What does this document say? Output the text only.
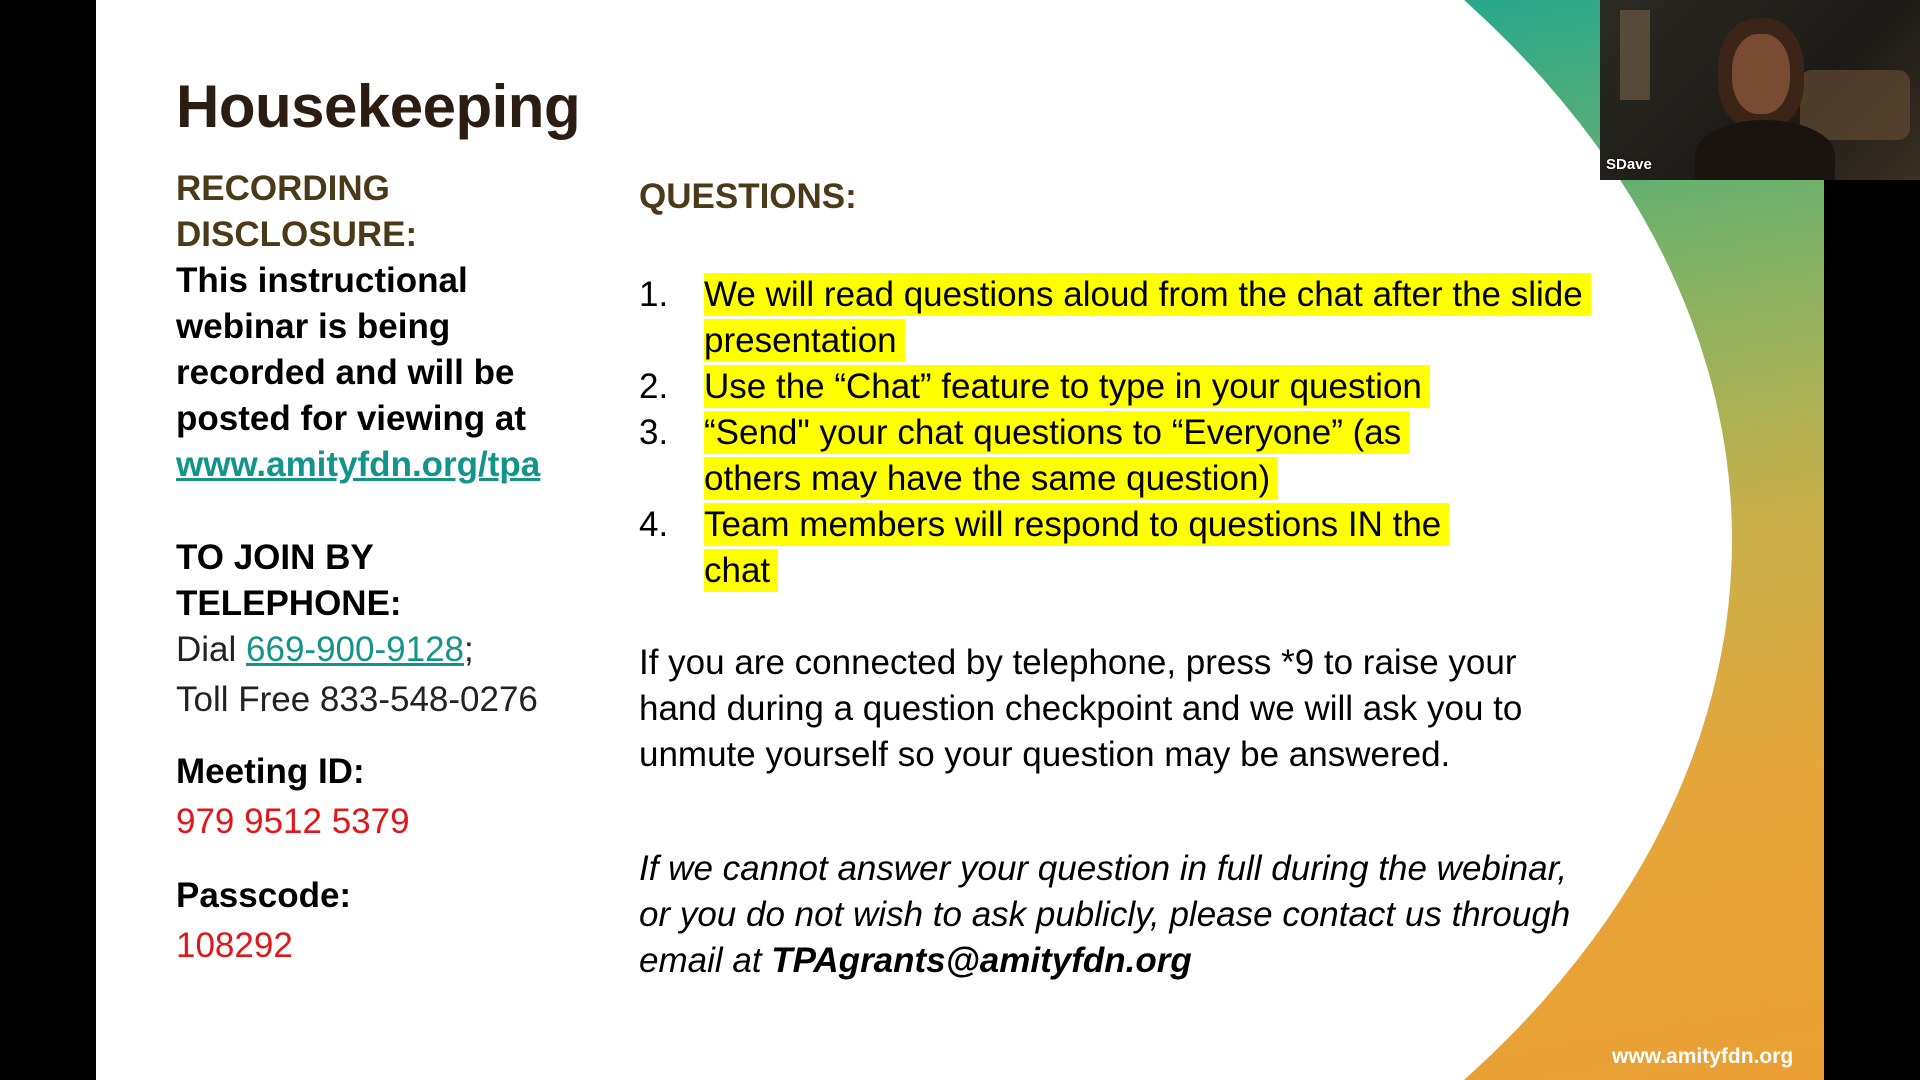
Housekeeping
RECORDING
DISCLOSURE:
This instructional
webinar is being
recorded and will be
posted for viewing at
www.amityfdn.org/tpa
TO JOIN BY
TELEPHONE:
Dial 669-900-9128;
Toll Free 833-548-0276
Meeting ID:
979 9512 5379
Passcode:
108292
QUESTIONS:
1.	We will read questions aloud from the chat after the slide presentation
2.	Use the “Chat” feature to type in your question
3.	“Send" your chat questions to “Everyone” (as others may have the same question)
4.	Team members will respond to questions IN the chat
If you are connected by telephone, press *9 to raise your hand during a question checkpoint and we will ask you to unmute yourself so your question may be answered.
If we cannot answer your question in full during the webinar, or you do not wish to ask publicly, please contact us through email at TPAgrants@amityfdn.org
www.amityfdn.org
SDave
